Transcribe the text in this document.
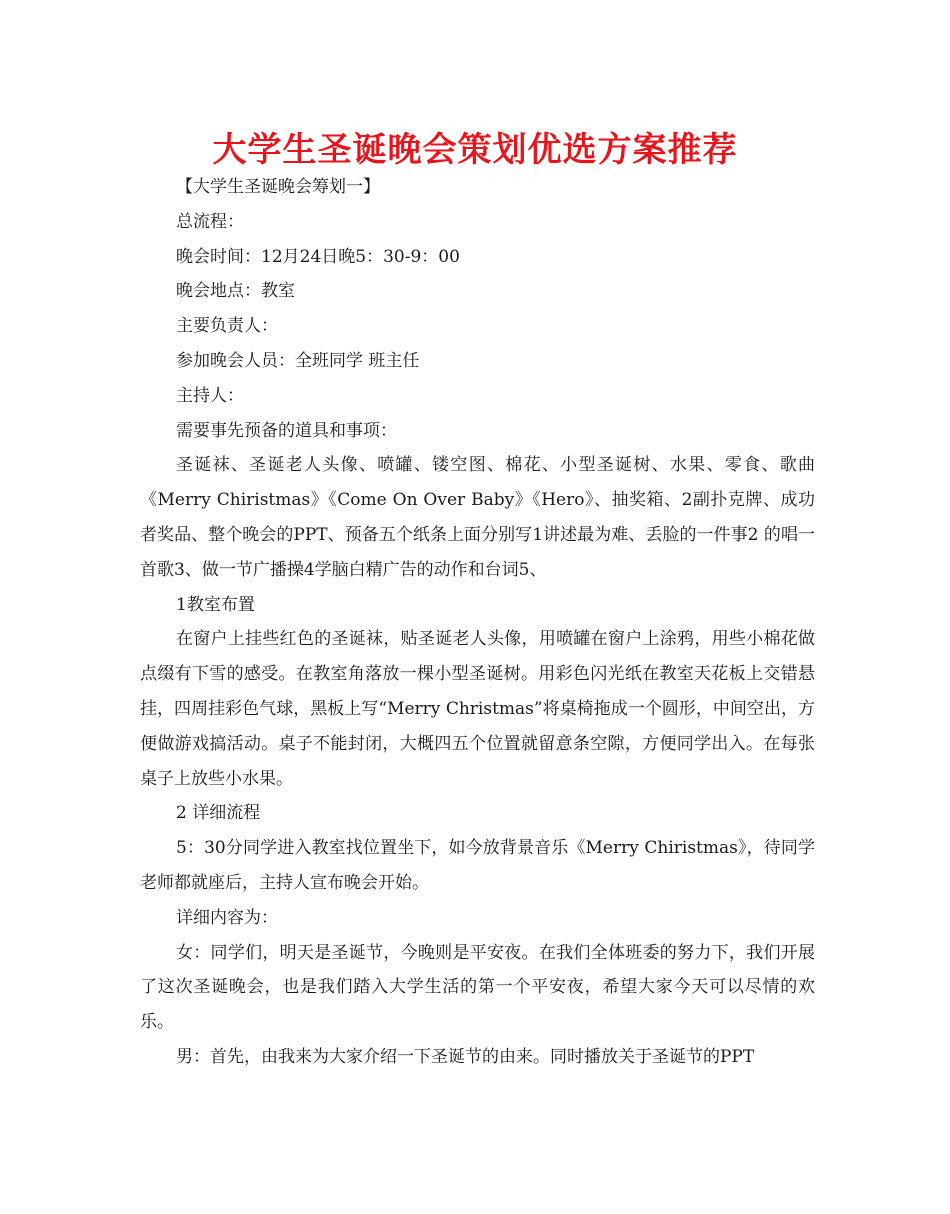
大学生圣诞晚会策划优选方案推荐

【大学生圣诞晚会筹划一】

总流程：

晚会时间：12月24日晚5：30-9：00

晚会地点：教室

主要负责人：

参加晚会人员：全班同学 班主任

主持人：

需要事先预备的道具和事项：

圣诞袜、圣诞老人头像、喷罐、镂空图、棉花、小型圣诞树、水果、零食、歌曲《Merry Chiristmas》《Come On Over Baby》《Hero》、抽奖箱、2副扑克牌、成功者奖品、整个晚会的PPT、预备五个纸条上面分别写1讲述最为难、丢脸的一件事2 的唱一首歌3、做一节广播操4学脑白精广告的动作和台词5、

1教室布置

在窗户上挂些红色的圣诞袜，贴圣诞老人头像，用喷罐在窗户上涂鸦，用些小棉花做点缀有下雪的感受。在教室角落放一棵小型圣诞树。用彩色闪光纸在教室天花板上交错悬挂，四周挂彩色气球，黑板上写“Merry Christmas”将桌椅拖成一个圆形，中间空出，方便做游戏搞活动。桌子不能封闭，大概四五个位置就留意条空隙，方便同学出入。在每张桌子上放些小水果。

2 详细流程

5：30分同学进入教室找位置坐下，如今放背景音乐《Merry Chiristmas》，待同学老师都就座后，主持人宣布晚会开始。

详细内容为：

女：同学们，明天是圣诞节，今晚则是平安夜。在我们全体班委的努力下，我们开展了这次圣诞晚会，也是我们踏入大学生活的第一个平安夜，希望大家今天可以尽情的欢乐。

男：首先，由我来为大家介绍一下圣诞节的由来。同时播放关于圣诞节的PPT
